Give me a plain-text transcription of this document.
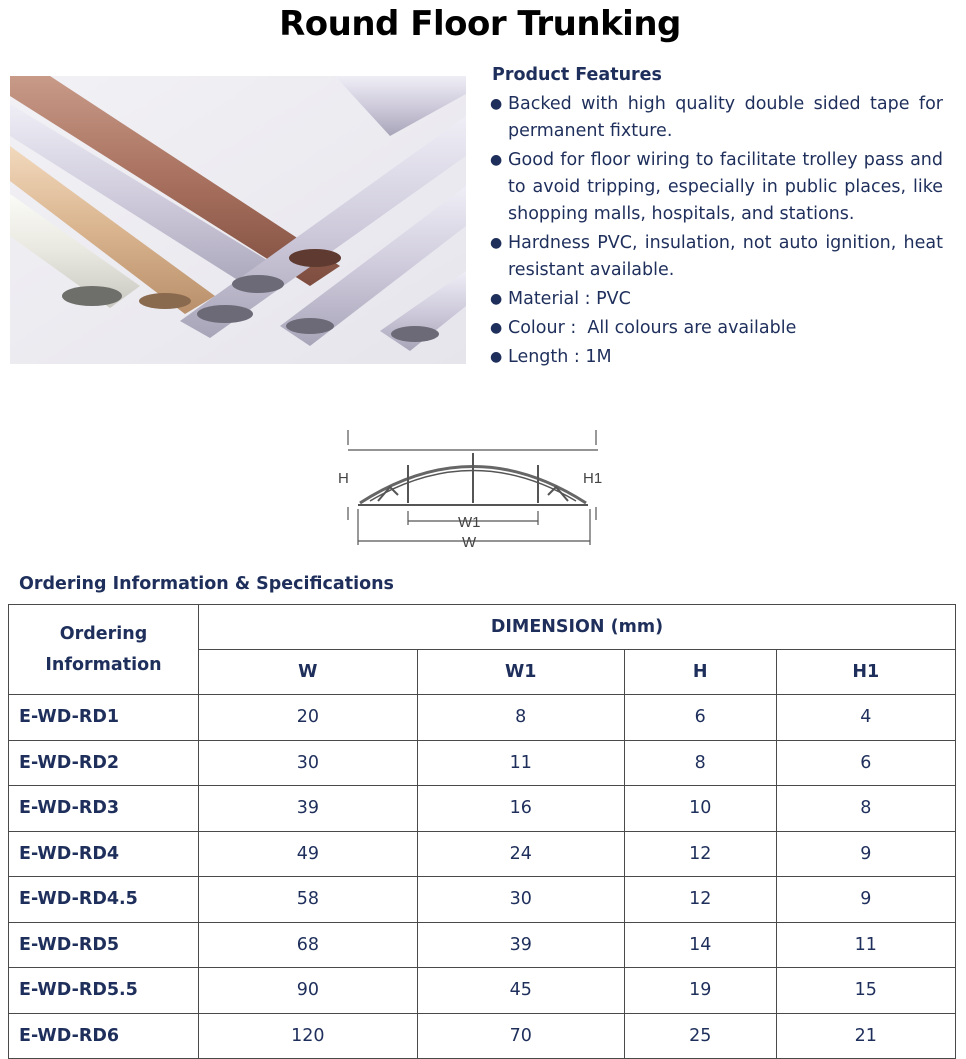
Round Floor Trunking
Product Features
● Backed with high quality double sided tape for permanent fixture.
● Good for floor wiring to facilitate trolley pass and to avoid tripping, especially in public places, like shopping malls, hospitals, and stations.
● Hardness PVC, insulation, not auto ignition, heat resistant available.
● Material : PVC
● Colour :  All colours are available
● Length : 1M
H	H1
W1
W
Ordering Information & Specifications
Ordering
Information	DIMENSION (mm)			
	W	W1	H	H1
E-WD-RD1	20	8	6	4
E-WD-RD2	30	11	8	6
E-WD-RD3	39	16	10	8
E-WD-RD4	49	24	12	9
E-WD-RD4.5	58	30	12	9
E-WD-RD5	68	39	14	11
E-WD-RD5.5	90	45	19	15
E-WD-RD6	120	70	25	21
